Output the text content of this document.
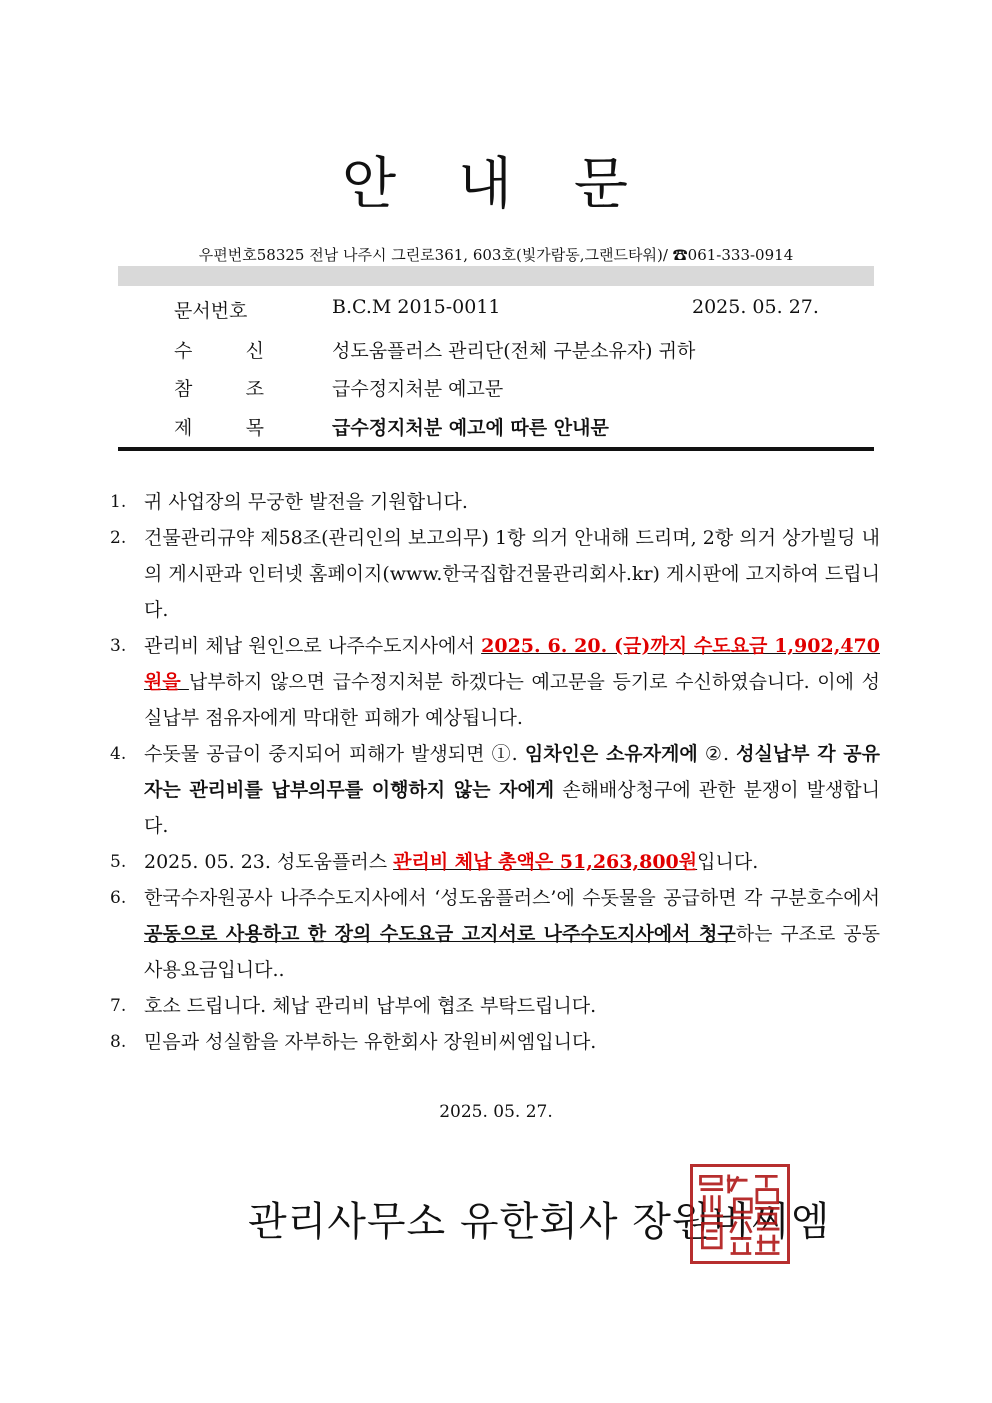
안 내 문
우편번호58325 전남 나주시 그린로361, 603호(빛가람동,그랜드타워)/ ☎061-333-0914
문서번호	B.C.M 2015-0011	2025. 05. 27.
수 신	성도움플러스 관리단(전체 구분소유자) 귀하
참 조	급수정지처분 예고문
제 목	급수정지처분 예고에 따른 안내문

1. 귀 사업장의 무궁한 발전을 기원합니다.

2. 건물관리규약 제58조(관리인의 보고의무) 1항 의거 안내해 드리며, 2항 의거 상가빌딩 내의 게시판과 인터넷 홈페이지(www.한국집합건물관리회사.kr) 게시판에 고지하여 드립니다.

3. 관리비 체납 원인으로 나주수도지사에서 2025. 6. 20. (금)까지 수도요금 1,902,470원을 납부하지 않으면 급수정지처분 하겠다는 예고문을 등기로 수신하였습니다. 이에 성실납부 점유자에게 막대한 피해가 예상됩니다.

4. 수돗물 공급이 중지되어 피해가 발생되면 ①. 임차인은 소유자게에 ②. 성실납부 각 공유자는 관리비를 납부의무를 이행하지 않는 자에게 손해배상청구에 관한 분쟁이 발생합니다.

5. 2025. 05. 23. 성도움플러스 관리비 체납 총액은 51,263,800원입니다.

6. 한국수자원공사 나주수도지사에서 ‘성도움플러스’에 수돗물을 공급하면 각 구분호수에서 공동으로 사용하고 한 장의 수도요금 고지서로 나주수도지사에서 청구하는 구조로 공동사용요금입니다..

7. 호소 드립니다. 체납 관리비 납부에 협조 부탁드립니다.

8. 믿음과 성실함을 자부하는 유한회사 장원비씨엠입니다.

2025. 05. 27.
관리사무소 유한회사 장원비씨엠
